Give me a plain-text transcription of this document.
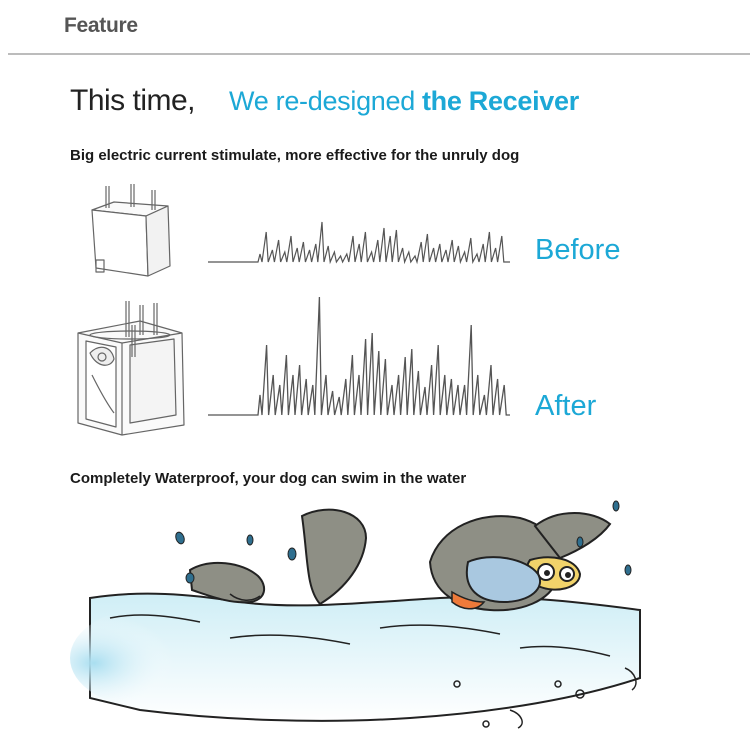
Feature
This time, We re-designed the Receiver
Big electric current stimulate, more effective for the unruly dog
Before
After
Completely Waterproof, your dog can swim in the water
